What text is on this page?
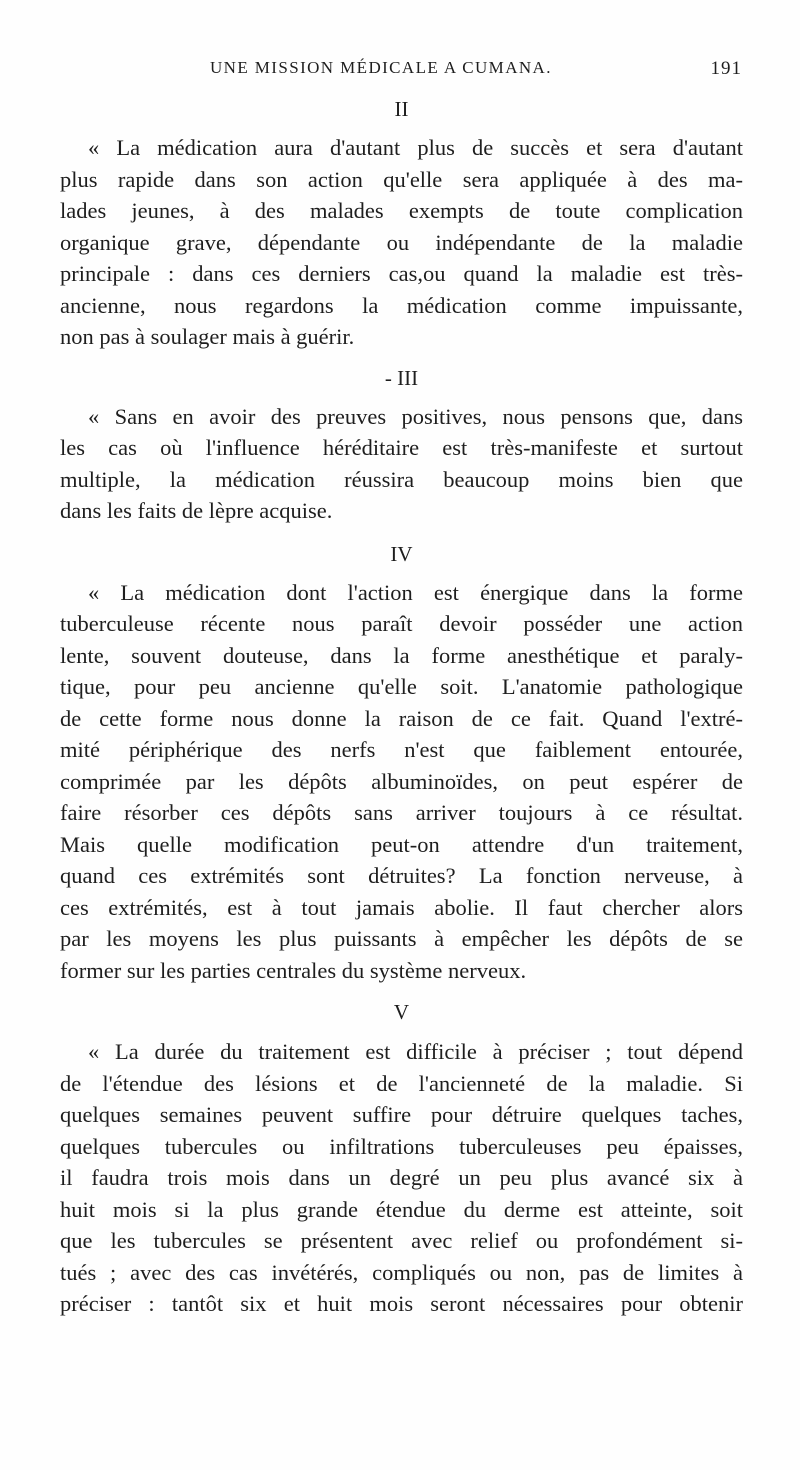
UNE MISSION MÉDICALE A CUMANA.	191
II

« La médication aura d'autant plus de succès et sera d'autant
plus rapide dans son action qu'elle sera appliquée à des ma-
lades jeunes, à des malades exempts de toute complication
organique grave, dépendante ou indépendante de la maladie
principale : dans ces derniers cas,ou quand la maladie est très-
ancienne, nous regardons la médication comme impuissante,
non pas à soulager mais à guérir.

- III

« Sans en avoir des preuves positives, nous pensons que, dans
les cas où l'influence héréditaire est très-manifeste et surtout
multiple, la médication réussira beaucoup moins bien que
dans les faits de lèpre acquise.

IV

« La médication dont l'action est énergique dans la forme
tuberculeuse récente nous paraît devoir posséder une action
lente, souvent douteuse, dans la forme anesthétique et paraly-
tique, pour peu ancienne qu'elle soit. L'anatomie pathologique
de cette forme nous donne la raison de ce fait. Quand l'extré-
mité périphérique des nerfs n'est que faiblement entourée,
comprimée par les dépôts albuminoïdes, on peut espérer de
faire résorber ces dépôts sans arriver toujours à ce résultat.
Mais quelle modification peut-on attendre d'un traitement,
quand ces extrémités sont détruites? La fonction nerveuse, à
ces extrémités, est à tout jamais abolie. Il faut chercher alors
par les moyens les plus puissants à empêcher les dépôts de se
former sur les parties centrales du système nerveux.

V

« La durée du traitement est difficile à préciser ; tout dépend
de l'étendue des lésions et de l'ancienneté de la maladie. Si
quelques semaines peuvent suffire pour détruire quelques taches,
quelques tubercules ou infiltrations tuberculeuses peu épaisses,
il faudra trois mois dans un degré un peu plus avancé six à
huit mois si la plus grande étendue du derme est atteinte, soit
que les tubercules se présentent avec relief ou profondément si-
tués ; avec des cas invétérés, compliqués ou non, pas de limites à
préciser : tantôt six et huit mois seront nécessaires pour obtenir
